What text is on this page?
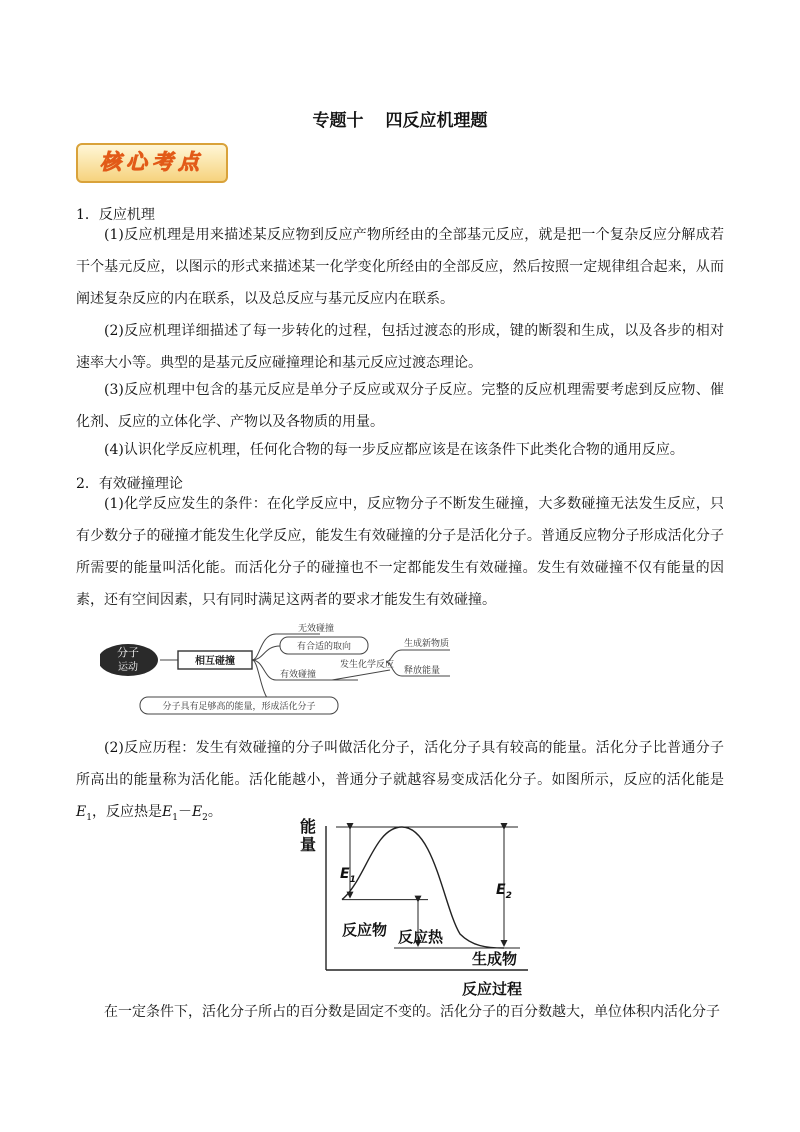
专题十 四反应机理题
核心考点
1．反应机理
(1)反应机理是用来描述某反应物到反应产物所经由的全部基元反应，就是把一个复杂反应分解成若干个基元反应，以图示的形式来描述某一化学变化所经由的全部反应，然后按照一定规律组合起来，从而阐述复杂反应的内在联系，以及总反应与基元反应内在联系。
(2)反应机理详细描述了每一步转化的过程，包括过渡态的形成，键的断裂和生成，以及各步的相对速率大小等。典型的是基元反应碰撞理论和基元反应过渡态理论。
(3)反应机理中包含的基元反应是单分子反应或双分子反应。完整的反应机理需要考虑到反应物、催化剂、反应的立体化学、产物以及各物质的用量。
(4)认识化学反应机理，任何化合物的每一步反应都应该是在该条件下此类化合物的通用反应。
2．有效碰撞理论
(1)化学反应发生的条件：在化学反应中，反应物分子不断发生碰撞，大多数碰撞无法发生反应，只有少数分子的碰撞才能发生化学反应，能发生有效碰撞的分子是活化分子。普通反应物分子形成活化分子所需要的能量叫活化能。而活化分子的碰撞也不一定都能发生有效碰撞。发生有效碰撞不仅有能量的因素，还有空间因素，只有同时满足这两者的要求才能发生有效碰撞。
分子
运动
相互碰撞
无效碰撞
有合适的取向
有效碰撞
发生化学反应
生成新物质
释放能量
分子具有足够高的能量，形成活化分子
(2)反应历程：发生有效碰撞的分子叫做活化分子，活化分子具有较高的能量。活化分子比普通分子所高出的能量称为活化能。活化能越小，普通分子就越容易变成活化分子。如图所示，反应的活化能是$E_1$，反应热是$E_1-E_2$。
能
量
$E_1$
$E_2$
反应物 反应热
生成物
反应过程
在一定条件下，活化分子所占的百分数是固定不变的。活化分子的百分数越大，单位体积内活化分子
